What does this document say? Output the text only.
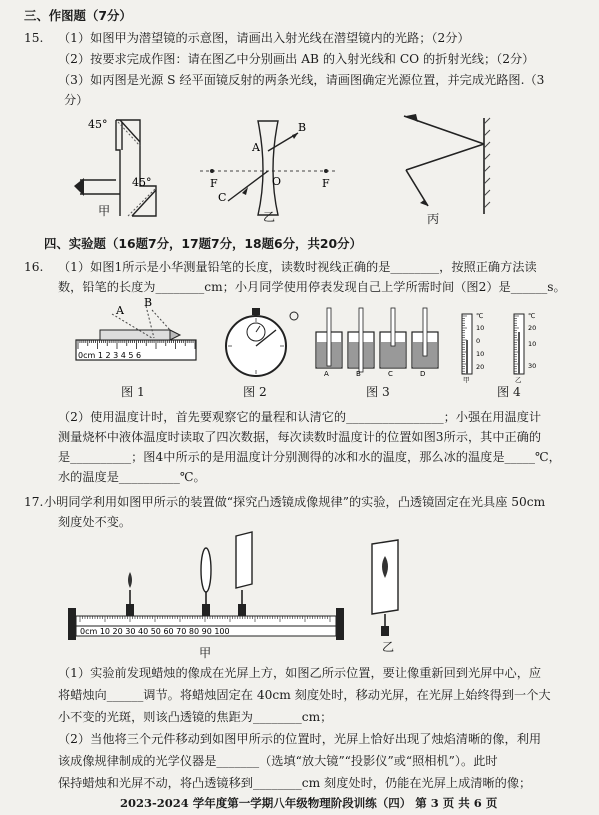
三、作图题（7分）
15. （1）如图甲为潜望镜的示意图，请画出入射光线在潜望镜内的光路；（2分）
（2）按要求完成作图：请在图乙中分别画出 AB 的入射光线和 CO 的折射光线；（2分）
（3）如丙图是光源 S 经平面镜反射的两条光线，请画图确定光源位置，并完成光路图.（3
分）
45°
45°
甲
A
B
F	F
C
O
乙	丙
四、实验题（16题7分，17题7分，18题6分，共20分）
16. （1）如图1所示是小华测量铅笔的长度，读数时视线正确的是________，按照正确方法读
数，铅笔的长度为________cm；小月同学使用停表发现自己上学所需时间（图2）是______s。
A
B
0cm 1 2 3 4 5 6
图 1	图 2
A	B	C	D
图 3
℃	℃
10
0
10
20
20
10
30
甲	乙
图 4
（2）使用温度计时，首先要观察它的量程和认清它的________________；小强在用温度计
测量烧杯中液体温度时读取了四次数据，每次读数时温度计的位置如图3所示，其中正确的
是__________；图4中所示的是用温度计分别测得的冰和水的温度，那么冰的温度是_____℃，
水的温度是__________℃。
17. 小明同学利用如图甲所示的装置做“探究凸透镜成像规律”的实验，凸透镜固定在光具座 50cm
刻度处不变。
0cm 10 20 30 40 50 60 70 80 90 100
甲	乙
（1）实验前发现蜡烛的像成在光屏上方，如图乙所示位置，要让像重新回到光屏中心，应
将蜡烛向______调节。将蜡烛固定在 40cm 刻度处时，移动光屏，在光屏上始终得到一个大
小不变的光斑，则该凸透镜的焦距为________cm；
（2）当他将三个元件移动到如图甲所示的位置时，光屏上恰好出现了烛焰清晰的像，利用
该成像规律制成的光学仪器是_______（选填“放大镜”“投影仪”或“照相机”）。此时
保持蜡烛和光屏不动，将凸透镜移到________cm 刻度处时，仍能在光屏上成清晰的像；
2023-2024 学年度第一学期八年级物理阶段训练（四） 第 3 页 共 6 页
